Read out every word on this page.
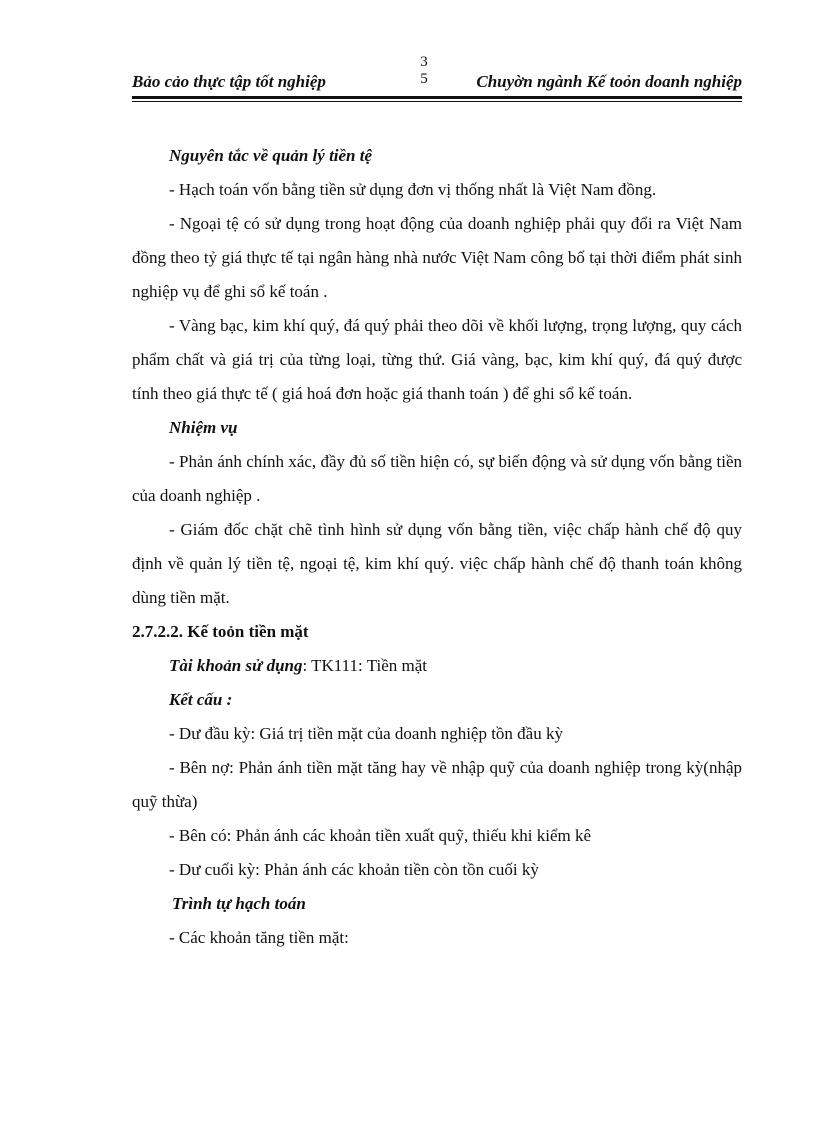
Bảo cảo thực tập tốt nghiệp
3
5	Chuyờn ngành Kế toỏn doanh nghiệp

Nguyên tắc về quản lý tiền tệ

- Hạch toán vốn bằng tiền sử dụng đơn vị thống nhất là Việt Nam đồng.

- Ngoại tệ có sử dụng trong hoạt động của doanh nghiệp phải quy đổi ra Việt Nam đồng theo tỷ giá thực tế tại ngân hàng nhà nước Việt Nam công bố tại thời điểm phát sinh nghiệp vụ để ghi sổ kế toán .

- Vàng bạc, kim khí quý, đá quý phải theo dõi về khối lượng, trọng lượng, quy cách phẩm chất và giá trị của từng loại, từng thứ. Giá vàng, bạc, kim khí quý, đá quý được tính theo giá thực tế ( giá hoá đơn hoặc giá thanh toán ) để ghi sổ kế toán.

Nhiệm vụ

- Phản ánh chính xác, đầy đủ số tiền hiện có, sự biến động và sử dụng vốn bằng tiền của doanh nghiệp .

- Giám đốc chặt chẽ tình hình sử dụng vốn bằng tiền, việc chấp hành chế độ quy định về quản lý tiền tệ, ngoại tệ, kim khí quý. việc chấp hành chế độ thanh toán không dùng tiền mặt.

2.7.2.2. Kế toỏn tiền mặt

Tài khoản sử dụng: TK111: Tiền mặt

Kết cấu :

- Dư đầu kỳ: Giá trị tiền mặt của doanh nghiệp tồn đầu kỳ

- Bên nợ: Phản ánh tiền mặt tăng hay về nhập quỹ của doanh nghiệp trong kỳ(nhập quỹ thừa)

- Bên có: Phản ánh các khoản tiền xuất quỹ, thiếu khi kiểm kê

- Dư cuối kỳ: Phản ánh các khoản tiền còn tồn cuối kỳ

Trình tự hạch toán

- Các khoản tăng tiền mặt:
